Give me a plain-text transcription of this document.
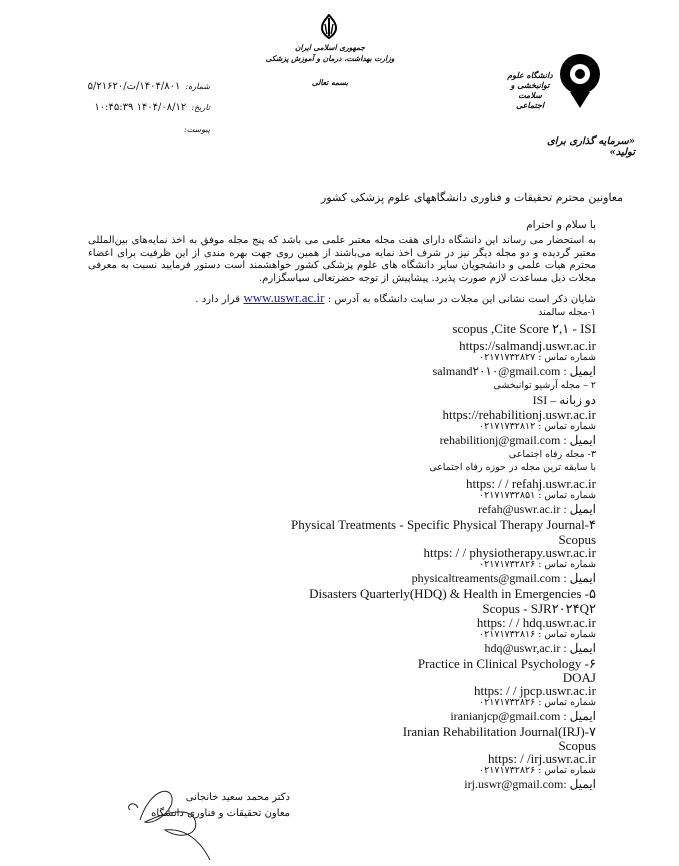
جمهوری اسلامی ایران
وزارت بهداشت، درمان و آموزش پزشکی
بسمه تعالی
شماره: ۱۴۰۴/۸۰۱/ت/۵/۲۱۶۲۰
تاریخ: ۱۴۰۴/۰۸/۱۲ ۱۰:۴۵:۳۹
پیوست:
دانشگاه علوم توانبخشی و سلامت اجتماعی
«سرمایه گذاری برای تولید»
معاونین محترم تحقیقات و فناوری دانشگاههای علوم پزشکی کشور
با سلام و احترام
به استحضار می رساند این دانشگاه دارای هفت مجله معتبر علمی می باشد که پنج مجله موفق به اخذ نمایه‌های بین‌المللی معتبر گردیده و دو مجله دیگر نیز در شرف اخذ نمایه می‌باشند از همین روی جهت بهره مندی از این ظرفیت برای اعضاء محترم هیات علمی و دانشجویان سایر دانشگاه های علوم پزشکی کشور خواهشمند است دستور فرمایید نسبت به معرفی مجلات ذیل مساعدت لازم صورت پذیرد. پیشاپیش از توجه حضرتعالی سپاسگزارم.
شایان ذکر است نشانی این مجلات در سایت دانشگاه به آدرس : www.uswr.ac.ir قرار دارد .
۱-مجله سالمند
scopus ,Cite Score ۲,۱ - ISI
https://salmandj.uswr.ac.ir
شماره تماس : ۰۲۱۷۱۷۳۲۸۲۷
ایمیل : salmand۲۰۱۰@gmail.com
۲ – مجله آرشیو توانبخشی
دو زبانه – ISI
https://rehabilitionj.uswr.ac.ir
شماره تماس : ۰۲۱۷۱۷۳۲۸۱۲
ایمیل : rehabilitionj@gmail.com
۳- مجله رفاه اجتماعی
با سابقه ترین مجله در حوزه رفاه اجتماعی
https: / / refahj.uswr.ac.ir
شماره تماس : ۰۲۱۷۱۷۳۲۸۵۱
ایمیل : refah@uswr.ac.ir
Physical Treatments - Specific Physical Therapy Journal-۴
Scopus
https: / / physiotherapy.uswr.ac.ir
شماره تماس : ۰۲۱۷۱۷۳۲۸۲۶
ایمیل : physicaltreaments@gmail.com
Disasters Quarterly(HDQ) & Health in Emergencies -۵
Scopus - SJR۲۰۲۴Q۲
https: / / hdq.uswr.ac.ir
شماره تماس : ۰۲۱۷۱۷۳۲۸۱۶
ایمیل : hdq@uswr,ac.ir
Practice in Clinical Psychology -۶
DOAJ
https: / / jpcp.uswr.ac.ir
شماره تماس : ۰۲۱۷۱۷۳۲۸۲۶
ایمیل : iranianjcp@gmail.com
Iranian Rehabilitation Journal(IRJ)-۷
Scopus
https: / /irj.uswr.ac.ir
شماره تماس : ۰۲۱۷۱۷۳۲۸۲۶
ایمیل :irj.uswr@gmail.com
دکتر محمد سعید خانجانی
معاون تحقیقات و فناوری دانشگاه
